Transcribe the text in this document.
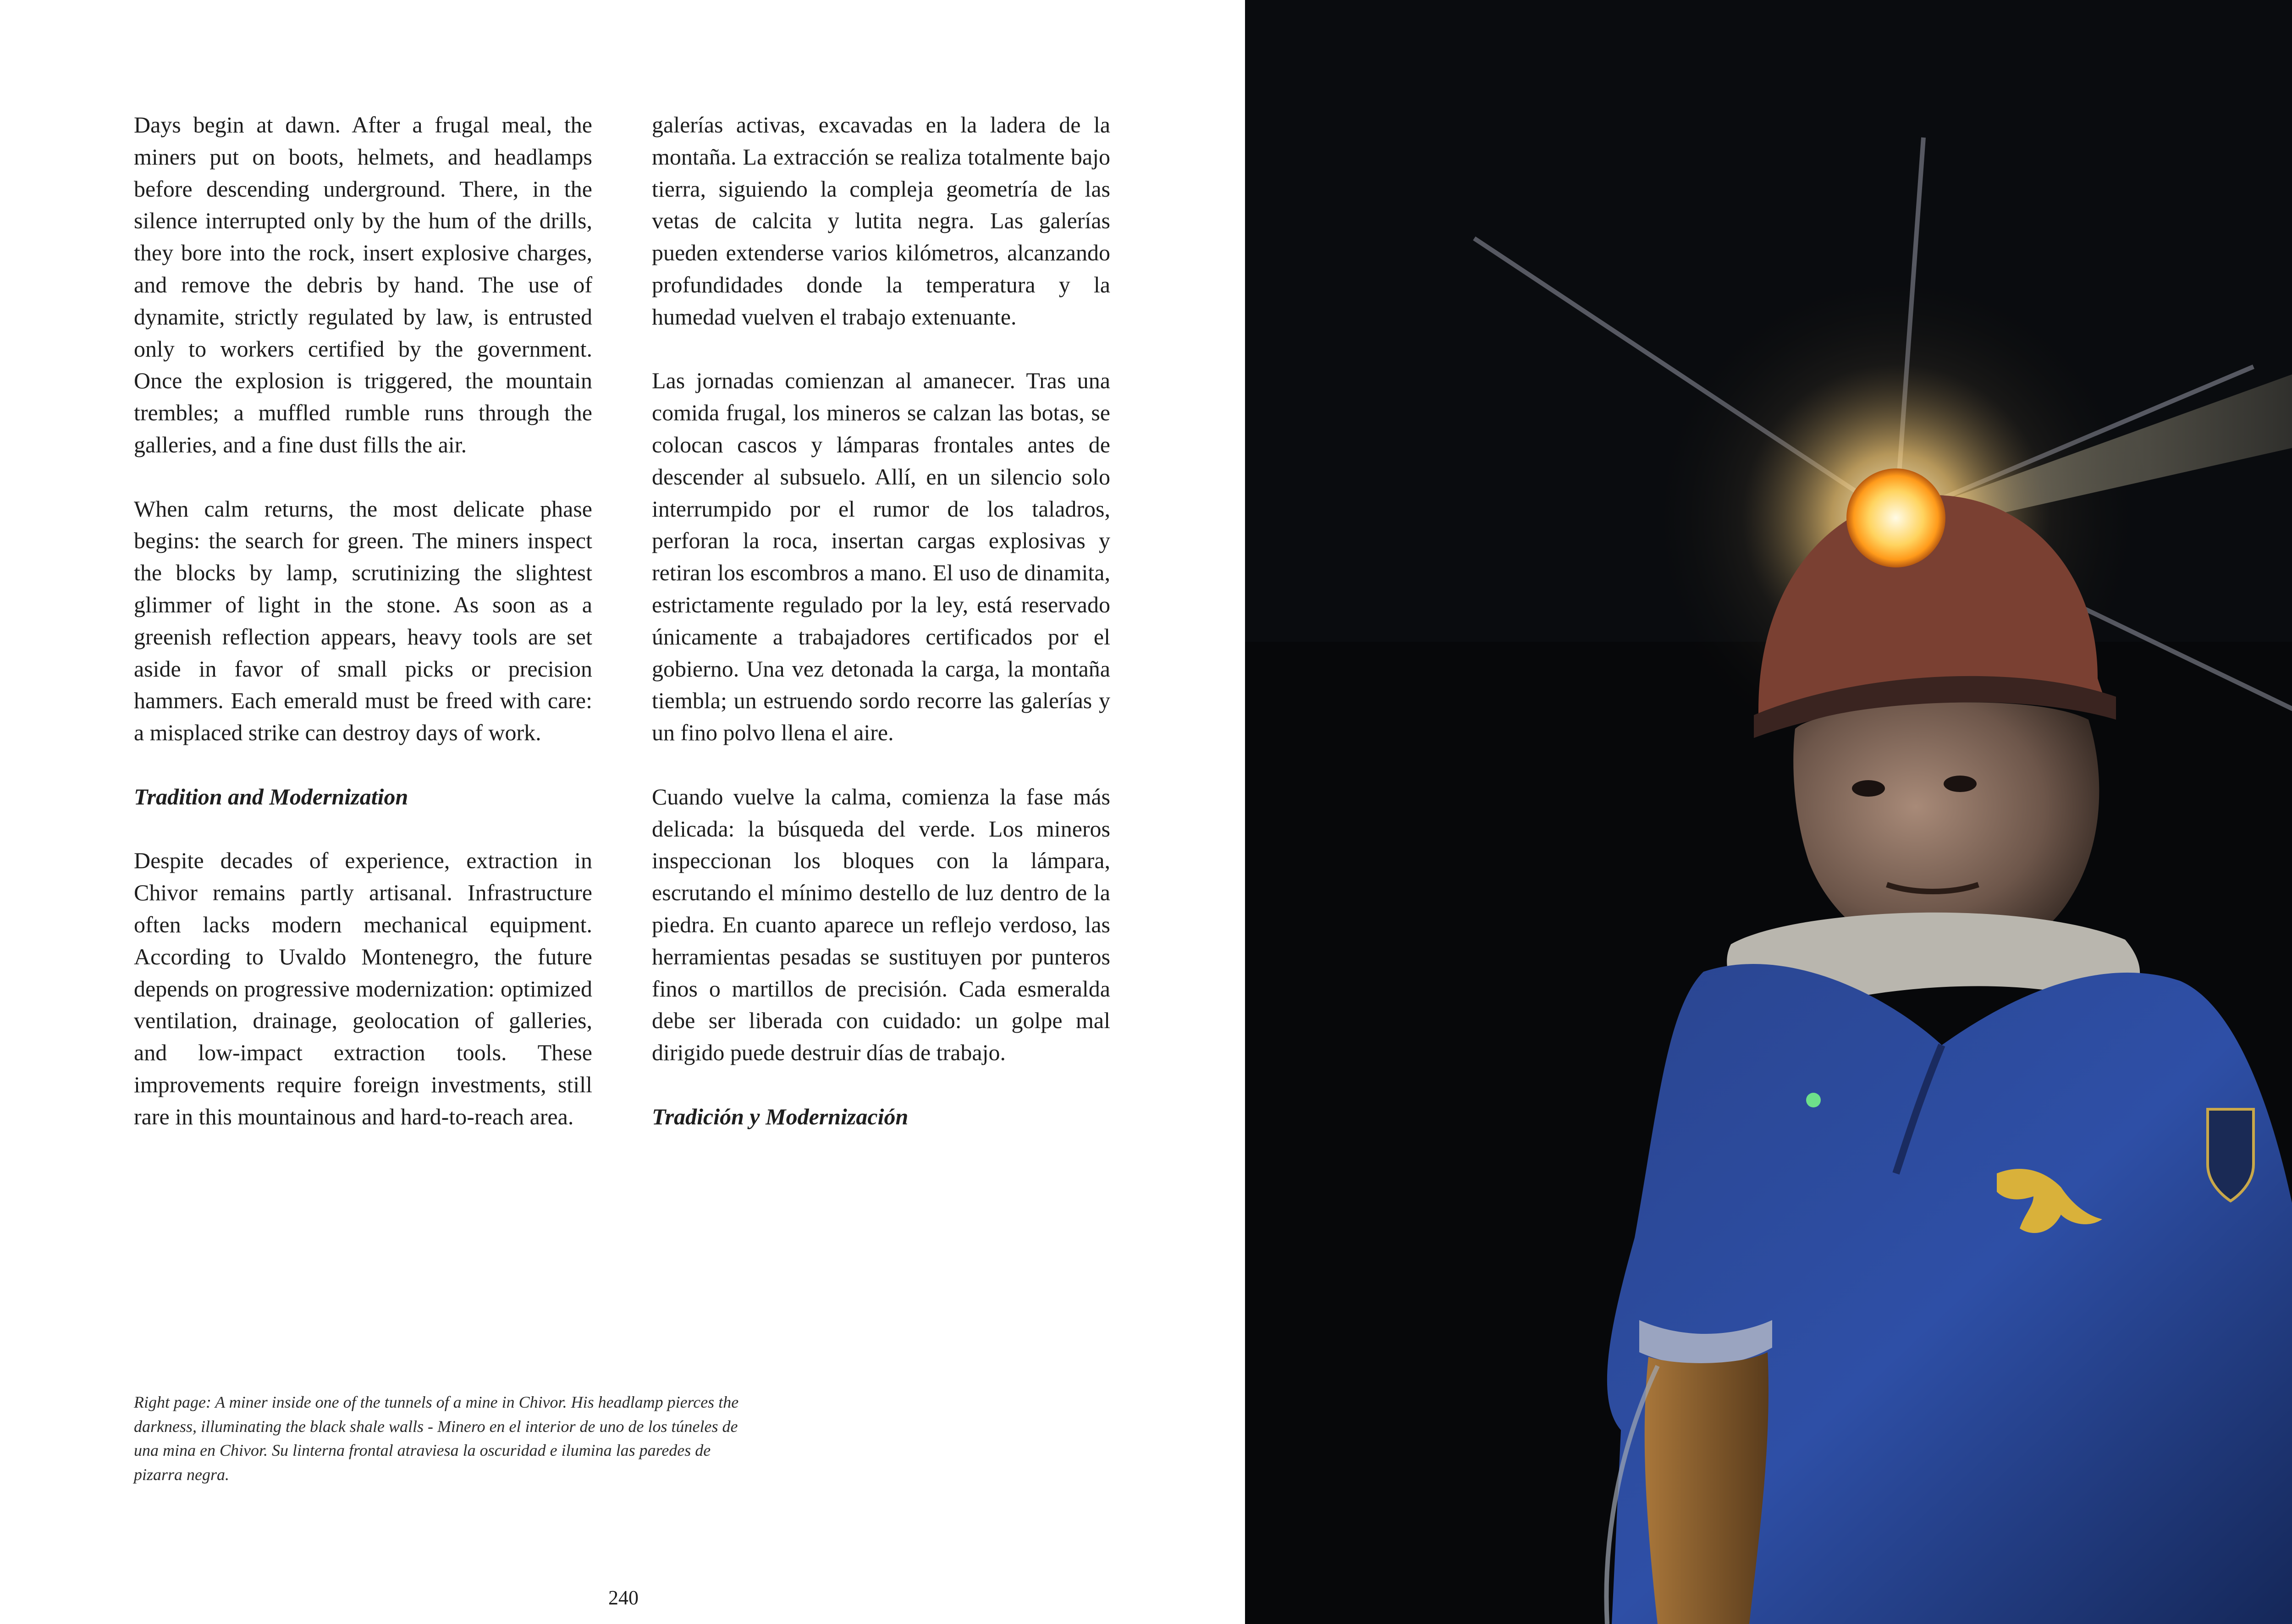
Days begin at dawn. After a frugal meal, the miners put on boots, helmets, and headlamps before descending underground. There, in the silence interrupted only by the hum of the drills, they bore into the rock, insert explosive charges, and remove the debris by hand. The use of dynamite, strictly regulated by law, is entrusted only to workers certified by the government. Once the explosion is triggered, the mountain trembles; a muffled rumble runs through the galleries, and a fine dust fills the air.

When calm returns, the most delicate phase begins: the search for green. The miners inspect the blocks by lamp, scrutinizing the slightest glimmer of light in the stone. As soon as a greenish reflection appears, heavy tools are set aside in favor of small picks or precision hammers. Each emerald must be freed with care: a misplaced strike can destroy days of work.

Tradition and Modernization

Despite decades of experience, extraction in Chivor remains partly artisanal. Infrastructure often lacks modern mechanical equipment. According to Uvaldo Montenegro, the future depends on progressive modernization: optimized ventilation, drainage, geolocation of galleries, and low-impact extraction tools. These improvements require foreign investments, still rare in this mountainous and hard-to-reach area.

galerías activas, excavadas en la ladera de la montaña. La extracción se realiza totalmente bajo tierra, siguiendo la compleja geometría de las vetas de calcita y lutita negra. Las galerías pueden extenderse varios kilómetros, alcanzando profundidades donde la temperatura y la humedad vuelven el trabajo extenuante.

Las jornadas comienzan al amanecer. Tras una comida frugal, los mineros se calzan las botas, se colocan cascos y lámparas frontales antes de descender al subsuelo. Allí, en un silencio solo interrumpido por el rumor de los taladros, perforan la roca, insertan cargas explosivas y retiran los escombros a mano. El uso de dinamita, estrictamente regulado por la ley, está reservado únicamente a trabajadores certificados por el gobierno. Una vez detonada la carga, la montaña tiembla; un estruendo sordo recorre las galerías y un fino polvo llena el aire.

Cuando vuelve la calma, comienza la fase más delicada: la búsqueda del verde. Los mineros inspeccionan los bloques con la lámpara, escrutando el mínimo destello de luz dentro de la piedra. En cuanto aparece un reflejo verdoso, las herramientas pesadas se sustituyen por punteros finos o martillos de precisión. Cada esmeralda debe ser liberada con cuidado: un golpe mal dirigido puede destruir días de trabajo.

Tradición y Modernización
Right page: A miner inside one of the tunnels of a mine in Chivor. His headlamp pierces the darkness, illuminating the black shale walls - Minero en el interior de uno de los túneles de una mina en Chivor. Su linterna frontal atraviesa la oscuridad e ilumina las paredes de pizarra negra.
240
